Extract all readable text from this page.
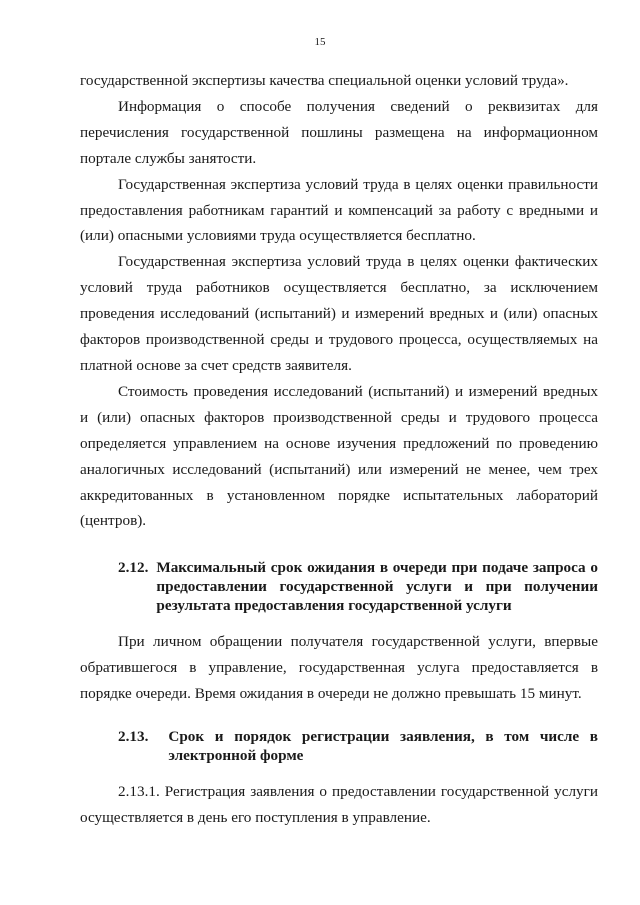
15

государственной экспертизы качества специальной оценки условий труда».

Информация о способе получения сведений о реквизитах для перечисления государственной пошлины размещена на информационном портале службы занятости.

Государственная экспертиза условий труда в целях оценки правильности предоставления работникам гарантий и компенсаций за работу с вредными и (или) опасными условиями труда осуществляется бесплатно.

Государственная экспертиза условий труда в целях оценки фактических условий труда работников осуществляется бесплатно, за исключением проведения исследований (испытаний) и измерений вредных и (или) опасных факторов производственной среды и трудового процесса, осуществляемых на платной основе за счет средств заявителя.

Стоимость проведения исследований (испытаний) и измерений вредных и (или) опасных факторов производственной среды и трудового процесса определяется управлением на основе изучения предложений по проведению аналогичных исследований (испытаний) или измерений не менее, чем трех аккредитованных в установленном порядке испытательных лабораторий (центров).

2.12. Максимальный срок ожидания в очереди при подаче запроса о предоставлении государственной услуги и при получении результата предоставления государственной услуги

При личном обращении получателя государственной услуги, впервые обратившегося в управление, государственная услуга предоставляется в порядке очереди. Время ожидания в очереди не должно превышать 15 минут.

2.13.	Срок и порядок регистрации заявления, в том числе в электронной форме

2.13.1. Регистрация заявления о предоставлении государственной услуги осуществляется в день его поступления в управление.
